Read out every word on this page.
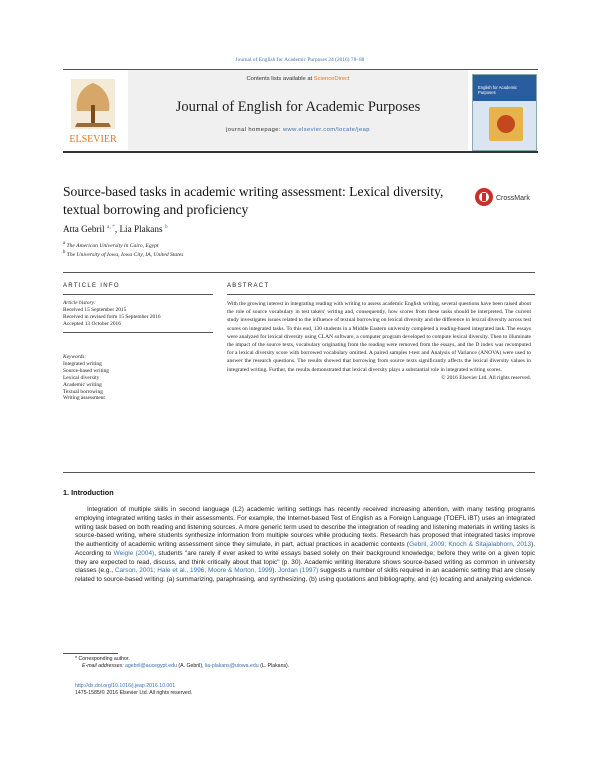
Journal of English for Academic Purposes 24 (2016) 78–88
ELSEVIER
Contents lists available at ScienceDirect
Journal of English for Academic Purposes
journal homepage: www.elsevier.com/locate/jeap
English for Academic Purposes
Source-based tasks in academic writing assessment: Lexical diversity, textual borrowing and proficiency
CrossMark
Atta Gebril $^{a, *}$, Lia Plakans $^b$
$^a$ The American University in Cairo, Egypt
$^b$ The University of Iowa, Iowa City, IA, United States
ARTICLE INFO	ABSTRACT
Article history:
Received 15 September 2015
Received in revised form 15 September 2016
Accepted 13 October 2016
Keywords:
Integrated writing
Source-based writing
Lexical diversity
Academic writing
Textual borrowing
Writing assessment
With the growing interest in integrating reading with writing to assess academic English writing, several questions have been raised about the role of source vocabulary in test takers' writing and, consequently, how scores from these tasks should be interpreted. The current study investigates issues related to the influence of textual borrowing on lexical diversity and the difference in lexical diversity across test scores on integrated tasks. To this end, 130 students in a Middle Eastern university completed a reading-based integrated task. The essays were analyzed for lexical diversity using CLAN software, a computer program developed to compute lexical diversity. Then to illuminate the impact of the source texts, vocabulary originating from the reading were removed from the essays, and the D index was recomputed for a lexical diversity score with borrowed vocabulary omitted. A paired samples t-test and Analysis of Variance (ANOVA) were used to answer the research questions. The results showed that borrowing from source texts significantly affects the lexical diversity values in integrated writing. Further, the results demonstrated that lexical diversity plays a substantial role in integrated writing scores.
© 2016 Elsevier Ltd. All rights reserved.
1. Introduction
Integration of multiple skills in second language (L2) academic writing settings has recently received increasing attention, with many testing programs employing integrated writing tasks in their assessments. For example, the Internet-based Test of English as a Foreign Language (TOEFL iBT) uses an integrated writing task based on both reading and listening sources. A more generic term used to describe the integration of reading and listening materials in writing tasks is source-based writing, where students synthesize information from multiple sources while producing texts. Research has proposed that integrated tasks improve the authenticity of academic writing assessment since they simulate, in part, actual practices in academic contexts (Gebril, 2009; Knoch & Sitajalabhorn, 2013). According to Weigle (2004), students "are rarely if ever asked to write essays based solely on their background knowledge; before they write on a given topic they are expected to read, discuss, and think critically about that topic" (p. 30). Academic writing literature shows source-based writing as common in university classes (e.g., Carson, 2001; Hale et al., 1996; Moore & Morton, 1999). Jordan (1997) suggests a number of skills required in an academic setting that are closely related to source-based writing: (a) summarizing, paraphrasing, and synthesizing, (b) using quotations and bibliography, and (c) locating and analyzing evidence.
* Corresponding author.
E-mail addresses: agebril@aucegypt.edu (A. Gebril), lia-plakans@uiowa.edu (L. Plakans).
http://dx.doi.org/10.1016/j.jeap.2016.10.001
1475-1585/© 2016 Elsevier Ltd. All rights reserved.
